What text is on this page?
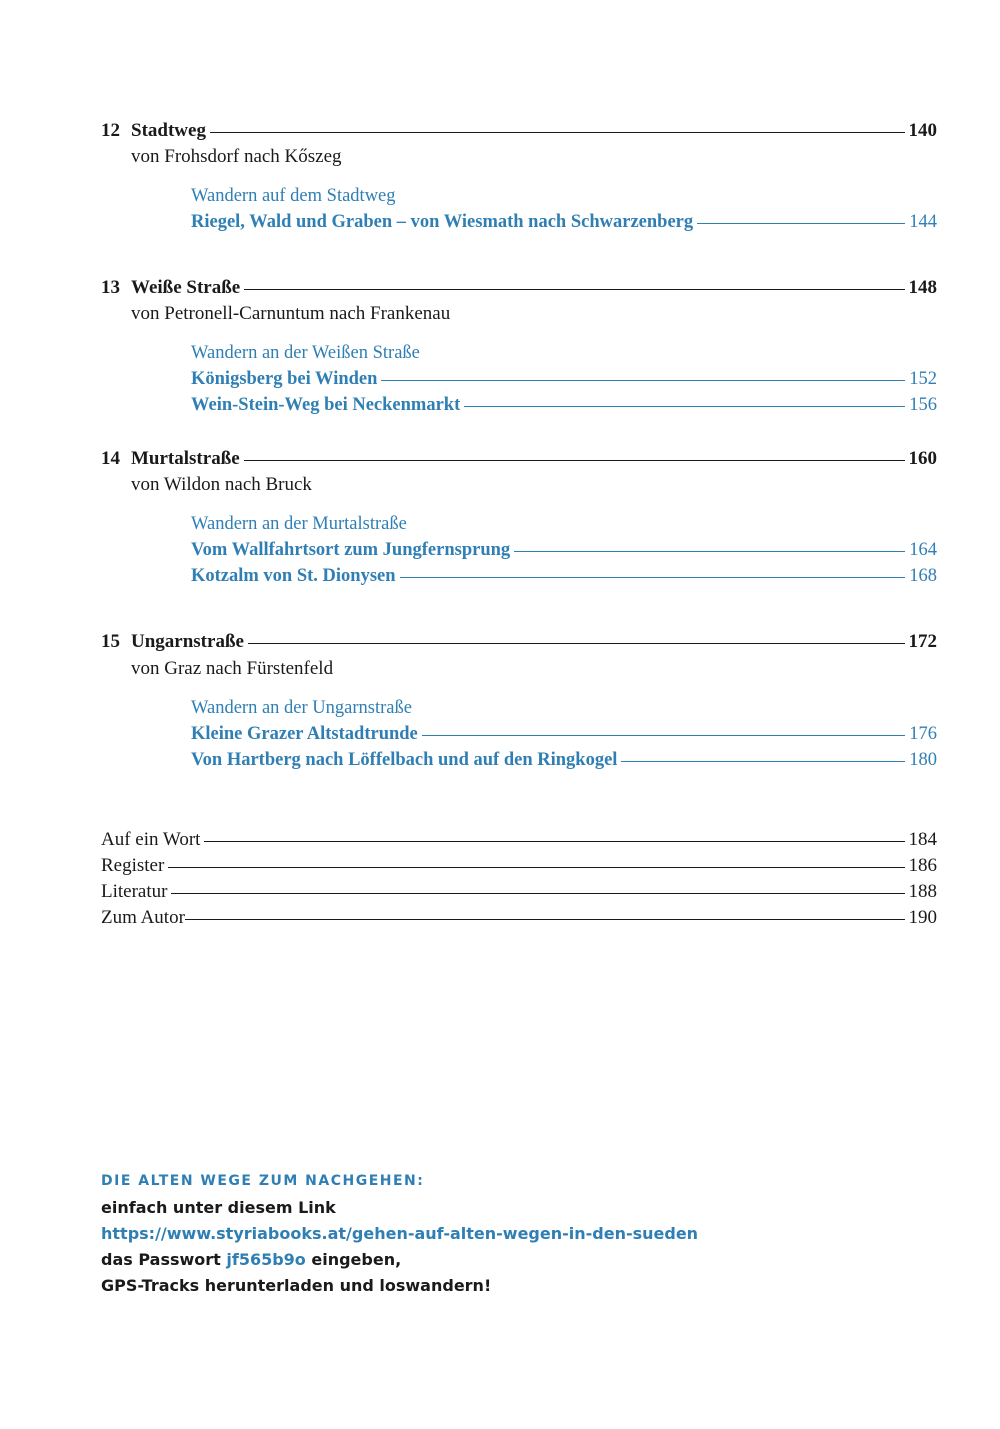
12 Stadtweg	140
von Frohsdorf nach Kőszeg
Wandern auf dem Stadtweg
Riegel, Wald und Graben – von Wiesmath nach Schwarzenberg	144
13 Weiße Straße	148
von Petronell-Carnuntum nach Frankenau
Wandern an der Weißen Straße
Königsberg bei Winden	152
Wein-Stein-Weg bei Neckenmarkt	156
14 Murtalstraße	160
von Wildon nach Bruck
Wandern an der Murtalstraße
Vom Wallfahrtsort zum Jungfernsprung	164
Kotzalm von St. Dionysen	168
15 Ungarnstraße	172
von Graz nach Fürstenfeld
Wandern an der Ungarnstraße
Kleine Grazer Altstadtrunde	176
Von Hartberg nach Löffelbach und auf den Ringkogel	180
Auf ein Wort	184
Register	186
Literatur	188
Zum Autor	190
DIE ALTEN WEGE ZUM NACHGEHEN:
einfach unter diesem Link
https://www.styriabooks.at/gehen-auf-alten-wegen-in-den-sueden
das Passwort jf565b9o eingeben,
GPS-Tracks herunterladen und loswandern!
